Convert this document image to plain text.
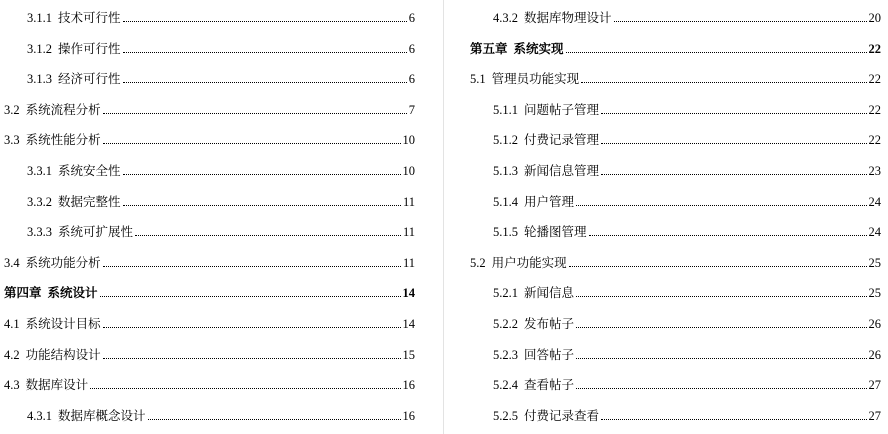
3.1.1 技术可行性	6
3.1.2 操作可行性	6
3.1.3 经济可行性	6
3.2 系统流程分析	7
3.3 系统性能分析	10
3.3.1 系统安全性	10
3.3.2 数据完整性	11
3.3.3 系统可扩展性	11
3.4 系统功能分析	11
第四章 系统设计	14
4.1 系统设计目标	14
4.2 功能结构设计	15
4.3 数据库设计	16
4.3.1 数据库概念设计	16
4.3.2 数据库物理设计	20
第五章 系统实现	22
5.1 管理员功能实现	22
5.1.1 问题帖子管理	22
5.1.2 付费记录管理	22
5.1.3 新闻信息管理	23
5.1.4 用户管理	24
5.1.5 轮播图管理	24
5.2 用户功能实现	25
5.2.1 新闻信息	25
5.2.2 发布帖子	26
5.2.3 回答帖子	26
5.2.4 查看帖子	27
5.2.5 付费记录查看	27
